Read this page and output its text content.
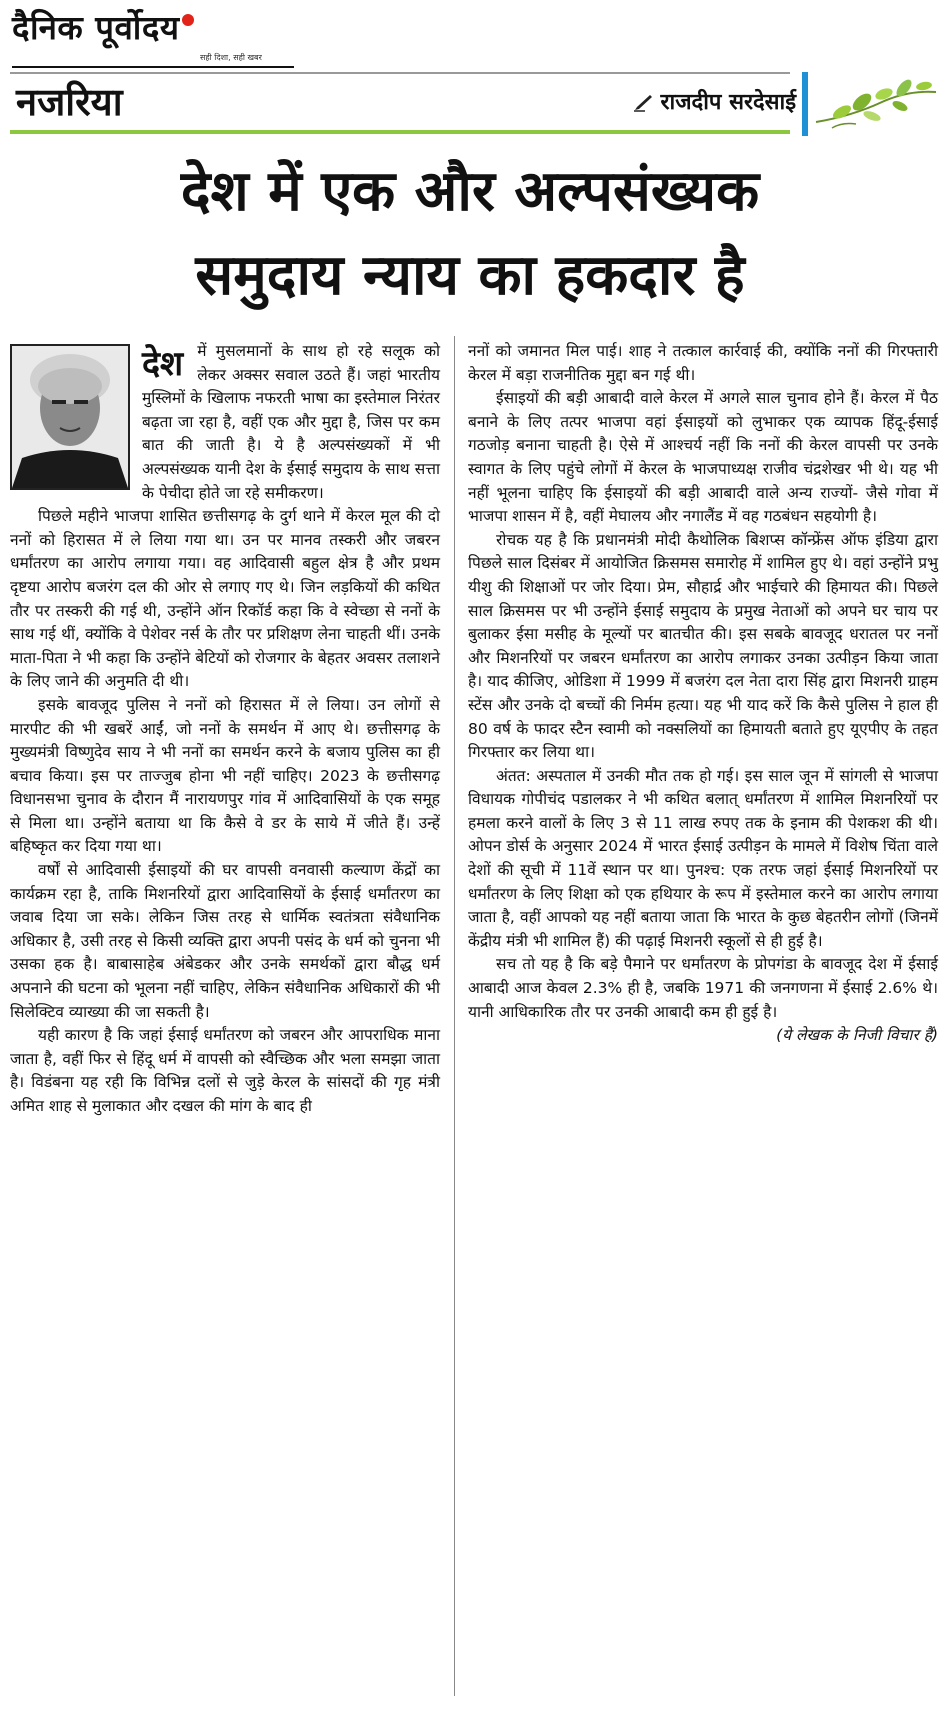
दैनिक पूर्वोदय
सही दिशा, सही खबर
नजरिया	राजदीप सरदेसाई
देश में एक और अल्पसंख्यक
समुदाय न्याय का हकदार है
देश में मुसलमानों के साथ हो रहे सलूक को लेकर अक्सर सवाल उठते हैं। जहां भारतीय मुस्लिमों के खिलाफ नफरती भाषा का इस्तेमाल निरंतर बढ़ता जा रहा है, वहीं एक और मुद्दा है, जिस पर कम बात की जाती है। ये है अल्पसंख्यकों में भी अल्पसंख्यक यानी देश के ईसाई समुदाय के साथ सत्ता के पेचीदा होते जा रहे समीकरण।

पिछले महीने भाजपा शासित छत्तीसगढ़ के दुर्ग थाने में केरल मूल की दो ननों को हिरासत में ले लिया गया था। उन पर मानव तस्करी और जबरन धर्मांतरण का आरोप लगाया गया। वह आदिवासी बहुल क्षेत्र है और प्रथम दृष्टया आरोप बजरंग दल की ओर से लगाए गए थे। जिन लड़कियों की कथित तौर पर तस्करी की गई थी, उन्होंने ऑन रिकॉर्ड कहा कि वे स्वेच्छा से ननों के साथ गई थीं, क्योंकि वे पेशेवर नर्स के तौर पर प्रशिक्षण लेना चाहती थीं। उनके माता-पिता ने भी कहा कि उन्होंने बेटियों को रोजगार के बेहतर अवसर तलाशने के लिए जाने की अनुमति दी थी।

इसके बावजूद पुलिस ने ननों को हिरासत में ले लिया। उन लोगों से मारपीट की भी खबरें आईं, जो ननों के समर्थन में आए थे। छत्तीसगढ़ के मुख्यमंत्री विष्णुदेव साय ने भी ननों का समर्थन करने के बजाय पुलिस का ही बचाव किया। इस पर ताज्जुब होना भी नहीं चाहिए। 2023 के छत्तीसगढ़ विधानसभा चुनाव के दौरान मैं नारायणपुर गांव में आदिवासियों के एक समूह से मिला था। उन्होंने बताया था कि कैसे वे डर के साये में जीते हैं। उन्हें बहिष्कृत कर दिया गया था।

वर्षों से आदिवासी ईसाइयों की घर वापसी वनवासी कल्याण केंद्रों का कार्यक्रम रहा है, ताकि मिशनरियों द्वारा आदिवासियों के ईसाई धर्मांतरण का जवाब दिया जा सके। लेकिन जिस तरह से धार्मिक स्वतंत्रता संवैधानिक अधिकार है, उसी तरह से किसी व्यक्ति द्वारा अपनी पसंद के धर्म को चुनना भी उसका हक है। बाबासाहेब अंबेडकर और उनके समर्थकों द्वारा बौद्ध धर्म अपनाने की घटना को भूलना नहीं चाहिए, लेकिन संवैधानिक अधिकारों की भी सिलेक्टिव व्याख्या की जा सकती है।

यही कारण है कि जहां ईसाई धर्मांतरण को जबरन और आपराधिक माना जाता है, वहीं फिर से हिंदू धर्म में वापसी को स्वैच्छिक और भला समझा जाता है। विडंबना यह रही कि विभिन्न दलों से जुड़े केरल के सांसदों की गृह मंत्री अमित शाह से मुलाकात और दखल की मांग के बाद ही

ननों को जमानत मिल पाई। शाह ने तत्काल कार्रवाई की, क्योंकि ननों की गिरफ्तारी केरल में बड़ा राजनीतिक मुद्दा बन गई थी।

ईसाइयों की बड़ी आबादी वाले केरल में अगले साल चुनाव होने हैं। केरल में पैठ बनाने के लिए तत्पर भाजपा वहां ईसाइयों को लुभाकर एक व्यापक हिंदू-ईसाई गठजोड़ बनाना चाहती है। ऐसे में आश्चर्य नहीं कि ननों की केरल वापसी पर उनके स्वागत के लिए पहुंचे लोगों में केरल के भाजपाध्यक्ष राजीव चंद्रशेखर भी थे। यह भी नहीं भूलना चाहिए कि ईसाइयों की बड़ी आबादी वाले अन्य राज्यों- जैसे गोवा में भाजपा शासन में है, वहीं मेघालय और नगालैंड में वह गठबंधन सहयोगी है।

रोचक यह है कि प्रधानमंत्री मोदी कैथोलिक बिशप्स कॉन्फ्रेंस ऑफ इंडिया द्वारा पिछले साल दिसंबर में आयोजित क्रिसमस समारोह में शामिल हुए थे। वहां उन्होंने प्रभु यीशु की शिक्षाओं पर जोर दिया। प्रेम, सौहार्द्र और भाईचारे की हिमायत की। पिछले साल क्रिसमस पर भी उन्होंने ईसाई समुदाय के प्रमुख नेताओं को अपने घर चाय पर बुलाकर ईसा मसीह के मूल्यों पर बातचीत की। इस सबके बावजूद धरातल पर ननों और मिशनरियों पर जबरन धर्मांतरण का आरोप लगाकर उनका उत्पीड़न किया जाता है। याद कीजिए, ओडिशा में 1999 में बजरंग दल नेता दारा सिंह द्वारा मिशनरी ग्राहम स्टेंस और उनके दो बच्चों की निर्मम हत्या। यह भी याद करें कि कैसे पुलिस ने हाल ही 80 वर्ष के फादर स्टैन स्वामी को नक्सलियों का हिमायती बताते हुए यूएपीए के तहत गिरफ्तार कर लिया था।

अंतत: अस्पताल में उनकी मौत तक हो गई। इस साल जून में सांगली से भाजपा विधायक गोपीचंद पडालकर ने भी कथित बलात् धर्मांतरण में शामिल मिशनरियों पर हमला करने वालों के लिए 3 से 11 लाख रुपए तक के इनाम की पेशकश की थी। ओपन डोर्स के अनुसार 2024 में भारत ईसाई उत्पीड़न के मामले में विशेष चिंता वाले देशों की सूची में 11वें स्थान पर था। पुनश्च: एक तरफ जहां ईसाई मिशनरियों पर धर्मांतरण के लिए शिक्षा को एक हथियार के रूप में इस्तेमाल करने का आरोप लगाया जाता है, वहीं आपको यह नहीं बताया जाता कि भारत के कुछ बेहतरीन लोगों (जिनमें केंद्रीय मंत्री भी शामिल हैं) की पढ़ाई मिशनरी स्कूलों से ही हुई है।

सच तो यह है कि बड़े पैमाने पर धर्मांतरण के प्रोपगंडा के बावजूद देश में ईसाई आबादी आज केवल 2.3% ही है, जबकि 1971 की जनगणना में ईसाई 2.6% थे। यानी आधिकारिक तौर पर उनकी आबादी कम ही हुई है।

(ये लेखक के निजी विचार हैं)
